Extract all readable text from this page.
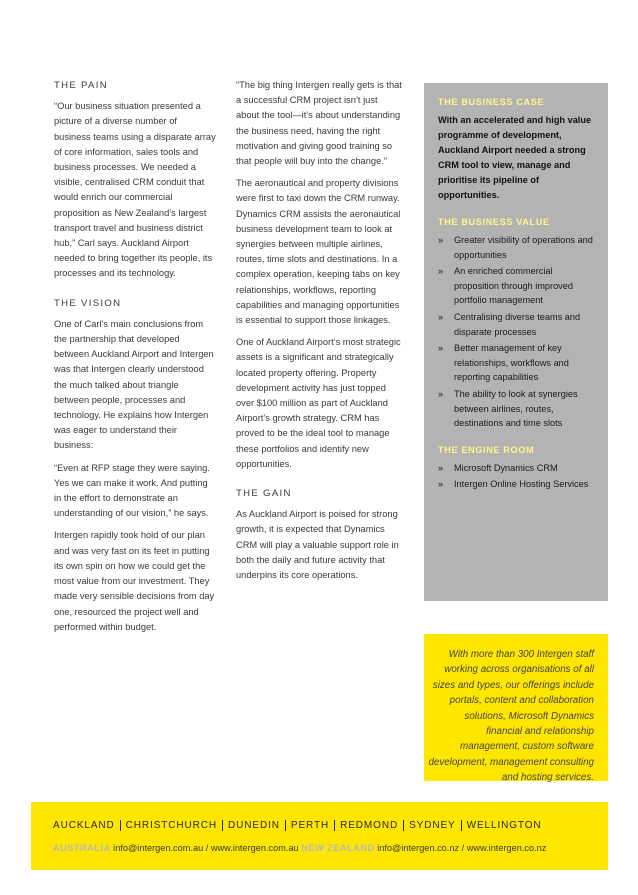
THE PAIN

“Our business situation presented a picture of a diverse number of business teams using a disparate array of core information, sales tools and business processes. We needed a visible, centralised CRM conduit that would enrich our commercial proposition as New Zealand’s largest transport travel and business district hub,” Carl says. Auckland Airport needed to bring together its people, its processes and its technology.

THE VISION

One of Carl’s main conclusions from the partnership that developed between Auckland Airport and Intergen was that Intergen clearly understood the much talked about triangle between people, processes and technology. He explains how Intergen was eager to understand their business:

“Even at RFP stage they were saying. Yes we can make it work. And putting in the effort to demonstrate an understanding of our vision,” he says.

Intergen rapidly took hold of our plan and was very fast on its feet in putting its own spin on how we could get the most value from our investment. They made very sensible decisions from day one, resourced the project well and performed within budget.

“The big thing Intergen really gets is that a successful CRM project isn’t just about the tool—it’s about understanding the business need, having the right motivation and giving good training so that people will buy into the change.”

The aeronautical and property divisions were first to taxi down the CRM runway. Dynamics CRM assists the aeronautical business development team to look at synergies between multiple airlines, routes, time slots and destinations. In a complex operation, keeping tabs on key relationships, workflows, reporting capabilities and managing opportunities is essential to support those linkages.

One of Auckland Airport’s most strategic assets is a significant and strategically located property offering. Property development activity has just topped over $100 million as part of Auckland Airport’s growth strategy. CRM has proved to be the ideal tool to manage these portfolios and identify new opportunities.

THE GAIN

As Auckland Airport is poised for strong growth, it is expected that Dynamics CRM will play a valuable support role in both the daily and future activity that underpins its core operations.

THE BUSINESS CASE

With an accelerated and high value programme of development, Auckland Airport needed a strong CRM tool to view, manage and prioritise its pipeline of opportunities.

THE BUSINESS VALUE
» Greater visibility of operations and opportunities
» An enriched commercial proposition through improved portfolio management
» Centralising diverse teams and disparate processes
» Better management of key relationships, workflows and reporting capabilities
» The ability to look at synergies between airlines, routes, destinations and time slots
THE ENGINE ROOM
» Microsoft Dynamics CRM
» Intergen Online Hosting Services
With more than 300 Intergen staff working across organisations of all sizes and types, our offerings include portals, content and collaboration solutions, Microsoft Dynamics financial and relationship management, custom software development, management consulting and hosting services.
AUCKLAND CHRISTCHURCH DUNEDIN PERTH REDMOND SYDNEY WELLINGTON
AUSTRALIA info@intergen.com.au / www.intergen.com.au NEW ZEALAND info@intergen.co.nz / www.intergen.co.nz
